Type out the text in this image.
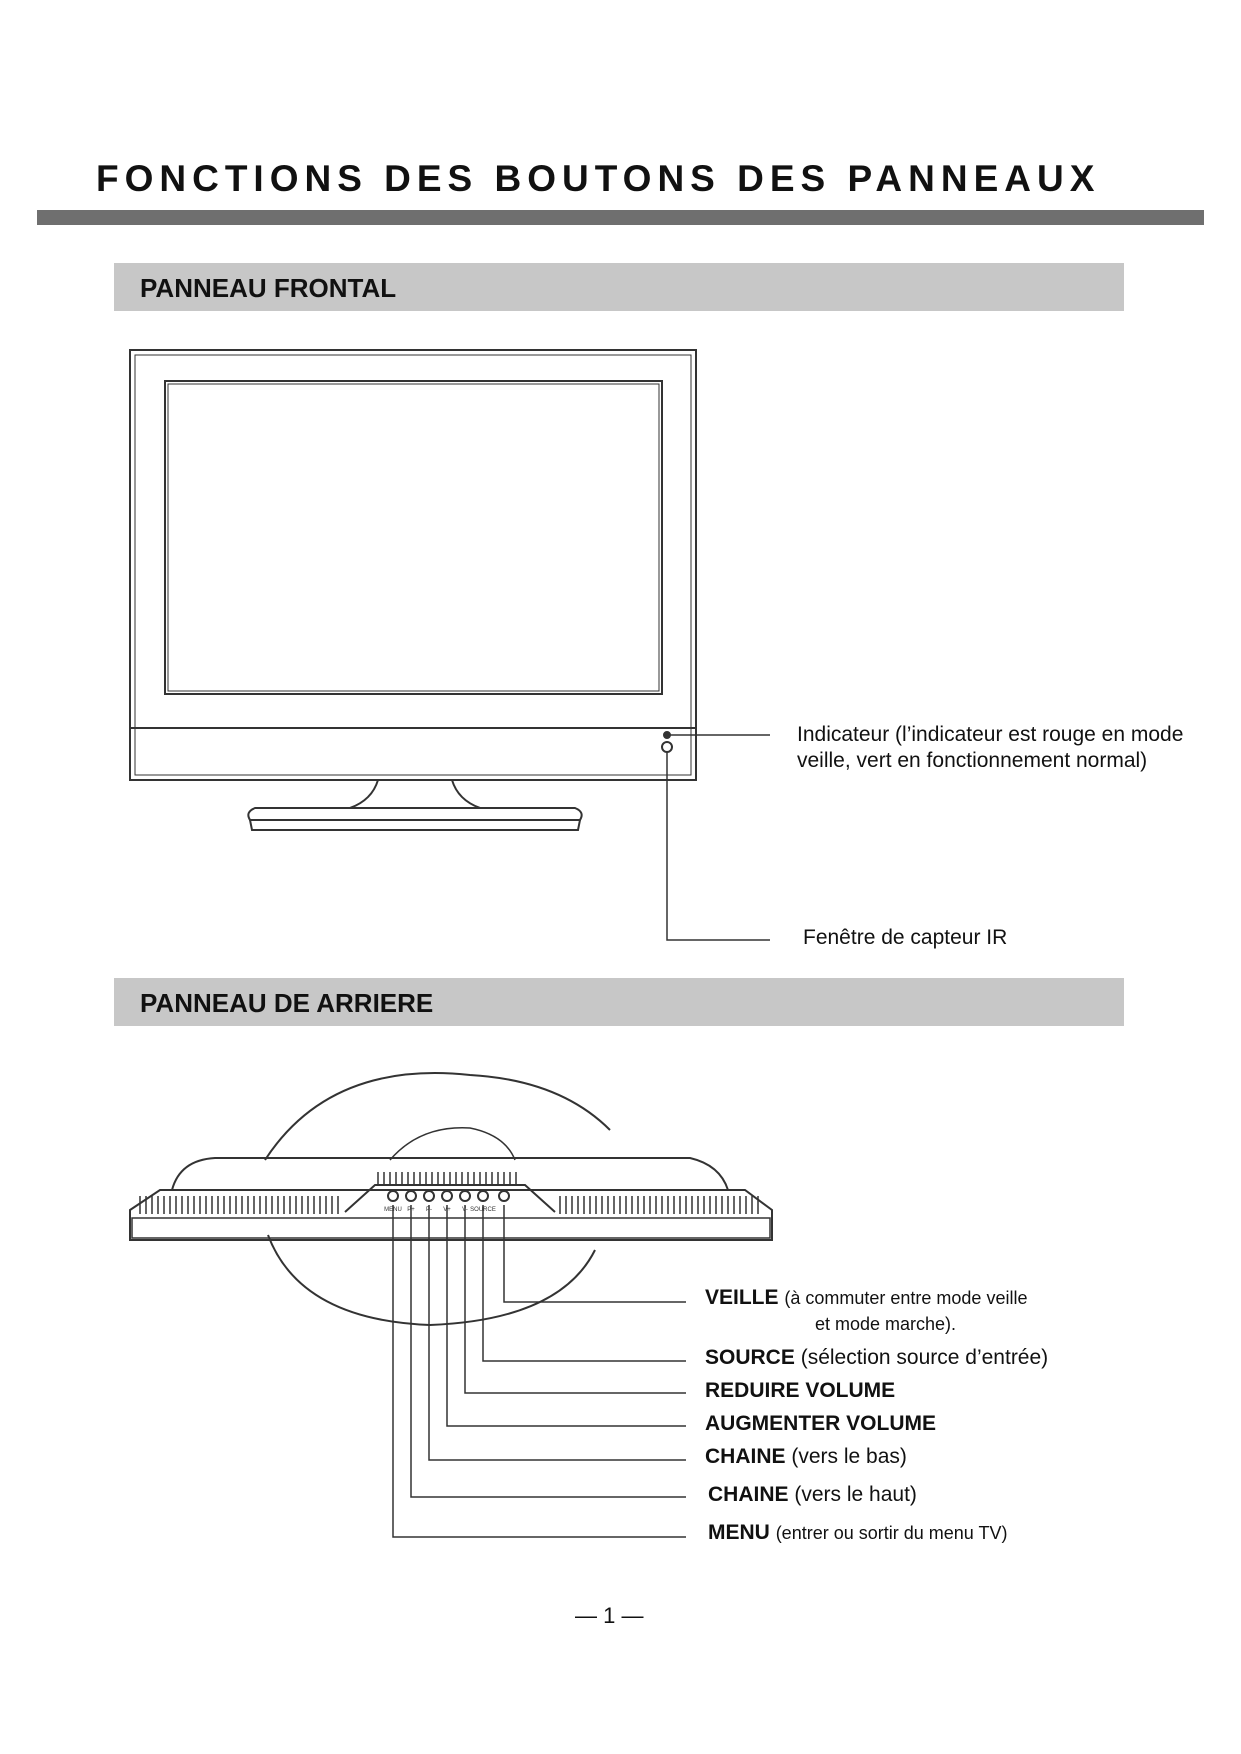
FONCTIONS DES BOUTONS DES PANNEAUX
PANNEAU FRONTAL
Indicateur (l’indicateur est rouge en mode
veille, vert en fonctionnement normal)
Fenêtre de capteur IR
PANNEAU DE ARRIERE
MENU P+ P- V+ V- SOURCE
VEILLE (à commuter entre mode veille
et mode marche).
SOURCE (sélection source d’entrée)
REDUIRE VOLUME
AUGMENTER VOLUME
CHAINE (vers le bas)
CHAINE (vers le haut)
MENU (entrer ou sortir du menu TV)
— 1 —
